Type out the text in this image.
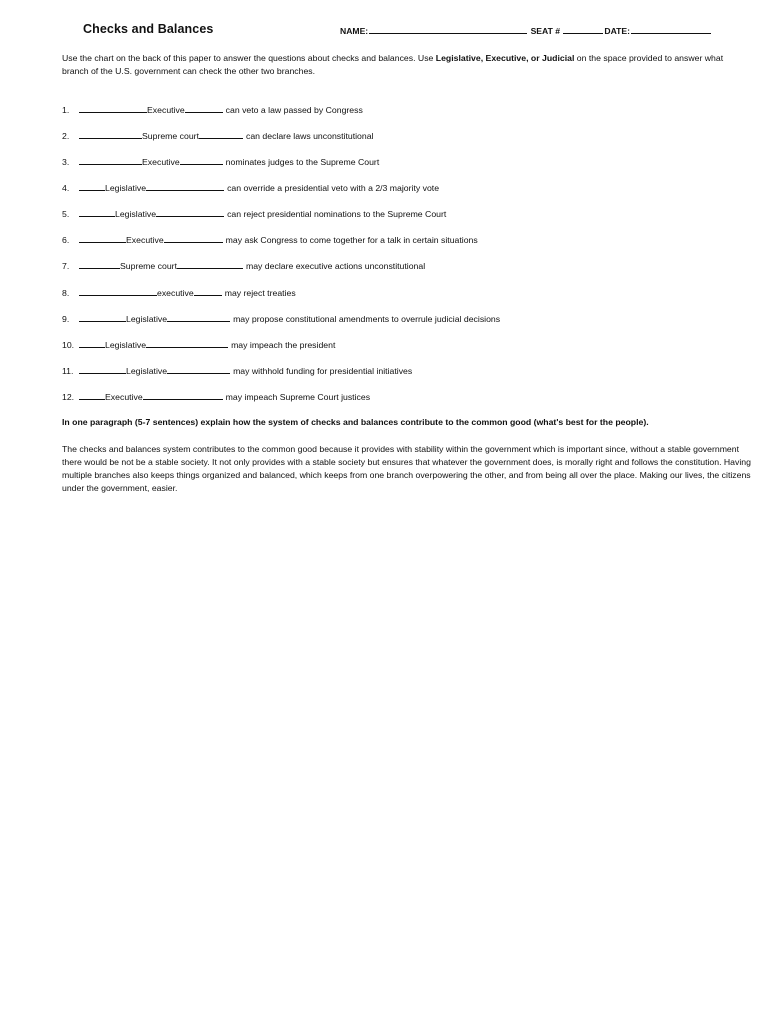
Checks and Balances	NAME:	SEAT #	DATE:
Use the chart on the back of this paper to answer the questions about checks and balances. Use Legislative, Executive, or Judicial on the space provided to answer what branch of the U.S. government can check the other two branches.
1.	Executive	can veto a law passed by Congress
2.	Supreme court	can declare laws unconstitutional
3.	Executive	nominates judges to the Supreme Court
4.	Legislative	can override a presidential veto with a 2/3 majority vote
5.	Legislative	can reject presidential nominations to the Supreme Court
6.	Executive	may ask Congress to come together for a talk in certain situations
7.	Supreme court	may declare executive actions unconstitutional
8.	executive	may reject treaties
9.	Legislative	may propose constitutional amendments to overrule judicial decisions
10.	Legislative	may impeach the president
11.	Legislative	may withhold funding for presidential initiatives
12.	Executive	may impeach Supreme Court justices
In one paragraph (5-7 sentences) explain how the system of checks and balances contribute to the common good (what's best for the people).
The checks and balances system contributes to the common good because it provides with stability within the government which is important since, without a stable government there would be not be a stable society. It not only provides with a stable society but ensures that whatever the government does, is morally right and follows the constitution. Having multiple branches also keeps things organized and balanced, which keeps from one branch overpowering the other, and from being all over the place. Making our lives, the citizens under the government, easier.
